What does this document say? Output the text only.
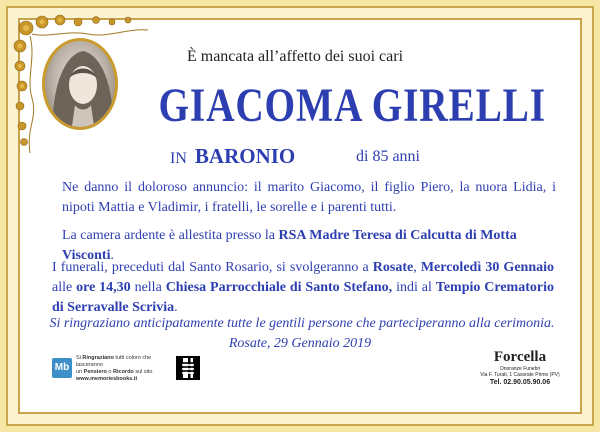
È mancata all’affetto dei suoi cari
GIACOMA GIRELLI
IN BARONIO	di 85 anni
Ne danno il doloroso annuncio: il marito Giacomo, il figlio Piero, la nuora Lidia, i nipoti Mattia e Vladimir, i fratelli, le sorelle e i parenti tutti.
La camera ardente è allestita presso la RSA Madre Teresa di Calcutta di Motta Visconti.
I funerali, preceduti dal Santo Rosario, si svolgeranno a Rosate, Mercoledì 30 Gennaio alle ore 14,30 nella Chiesa Parrocchiale di Santo Stefano, indi al Tempio Crematorio di Serravalle Scrivia.
Si ringraziano anticipatamente tutte le gentili persone che parteciperanno alla cerimonia.
Rosate, 29 Gennaio 2019
Mb
Si Ringraziano tutti coloro che lasceranno
un Pensiero o Ricordo sul sito
www.memoriesbooks.it
Forcella
Onoranze Funebri
Via F. Turati, 1 Casorate Primo (PV)
Tel. 02.90.05.90.06
